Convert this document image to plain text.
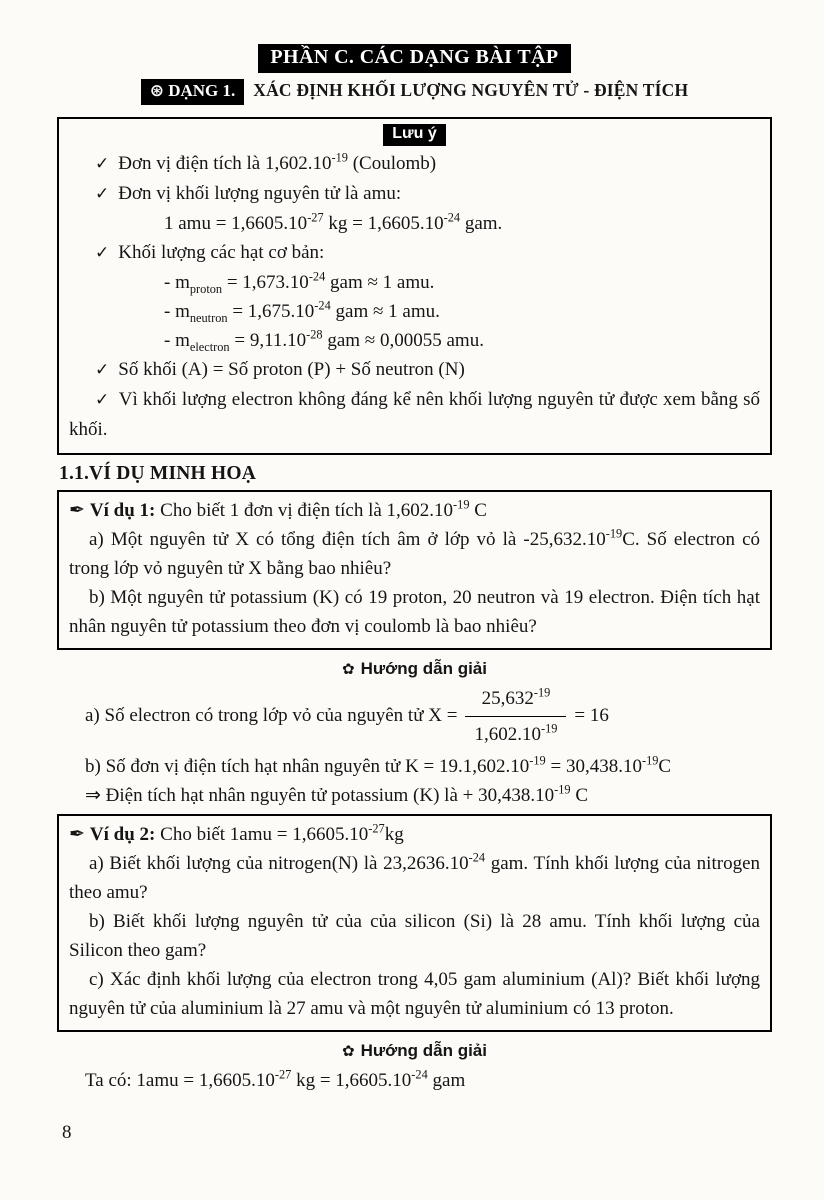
PHẦN C. CÁC DẠNG BÀI TẬP
⊛ DẠNG 1. XÁC ĐỊNH KHỐI LƯỢNG NGUYÊN TỬ - ĐIỆN TÍCH
Lưu ý
✓ Đơn vị điện tích là $1,602.10^{-19}$ (Coulomb)
✓ Đơn vị khối lượng nguyên tử là amu:
1 amu = $1,6605.10^{-27}$ kg = $1,6605.10^{-24}$ gam.
✓ Khối lượng các hạt cơ bản:
- $m_{proton} = 1,673.10^{-24}$ gam ≈ 1 amu.
- $m_{neutron} = 1,675.10^{-24}$ gam ≈ 1 amu.
- $m_{electron} = 9,11.10^{-28}$ gam ≈ 0,00055 amu.
✓ Số khối (A) = Số proton (P) + Số neutron (N)
✓ Vì khối lượng electron không đáng kể nên khối lượng nguyên tử được xem bằng số khối.
1.1.VÍ DỤ MINH HOẠ

✒ Ví dụ 1: Cho biết 1 đơn vị điện tích là $1,602.10^{-19}$ C

a) Một nguyên tử X có tổng điện tích âm ở lớp vỏ là $-25,632.10^{-19}C$. Số electron có trong lớp vỏ nguyên tử X bằng bao nhiêu?

b) Một nguyên tử potassium (K) có 19 proton, 20 neutron và 19 electron. Điện tích hạt nhân nguyên tử potassium theo đơn vị coulomb là bao nhiêu?

✿ Hướng dẫn giải

a) Số electron có trong lớp vỏ của nguyên tử $X = \frac{25,632^{-19}}{1,602.10^{-19}} = 16$

b) Số đơn vị điện tích hạt nhân nguyên tử $K = 19.1,602.10^{-19} = 30,438.10^{-19}C$

⇒ Điện tích hạt nhân nguyên tử potassium (K) là + $30,438.10^{-19}$ C

✒ Ví dụ 2: Cho biết $1amu = 1,6605.10^{-27}kg$

a) Biết khối lượng của nitrogen(N) là $23,2636.10^{-24}$ gam. Tính khối lượng của nitrogen theo amu?

b) Biết khối lượng nguyên tử của của silicon (Si) là 28 amu. Tính khối lượng của Silicon theo gam?

c) Xác định khối lượng của electron trong 4,05 gam aluminium (Al)? Biết khối lượng nguyên tử của aluminium là 27 amu và một nguyên tử aluminium có 13 proton.

✿ Hướng dẫn giải

Ta có: $1amu = 1,6605.10^{-27}$ kg = $1,6605.10^{-24}$ gam

8
